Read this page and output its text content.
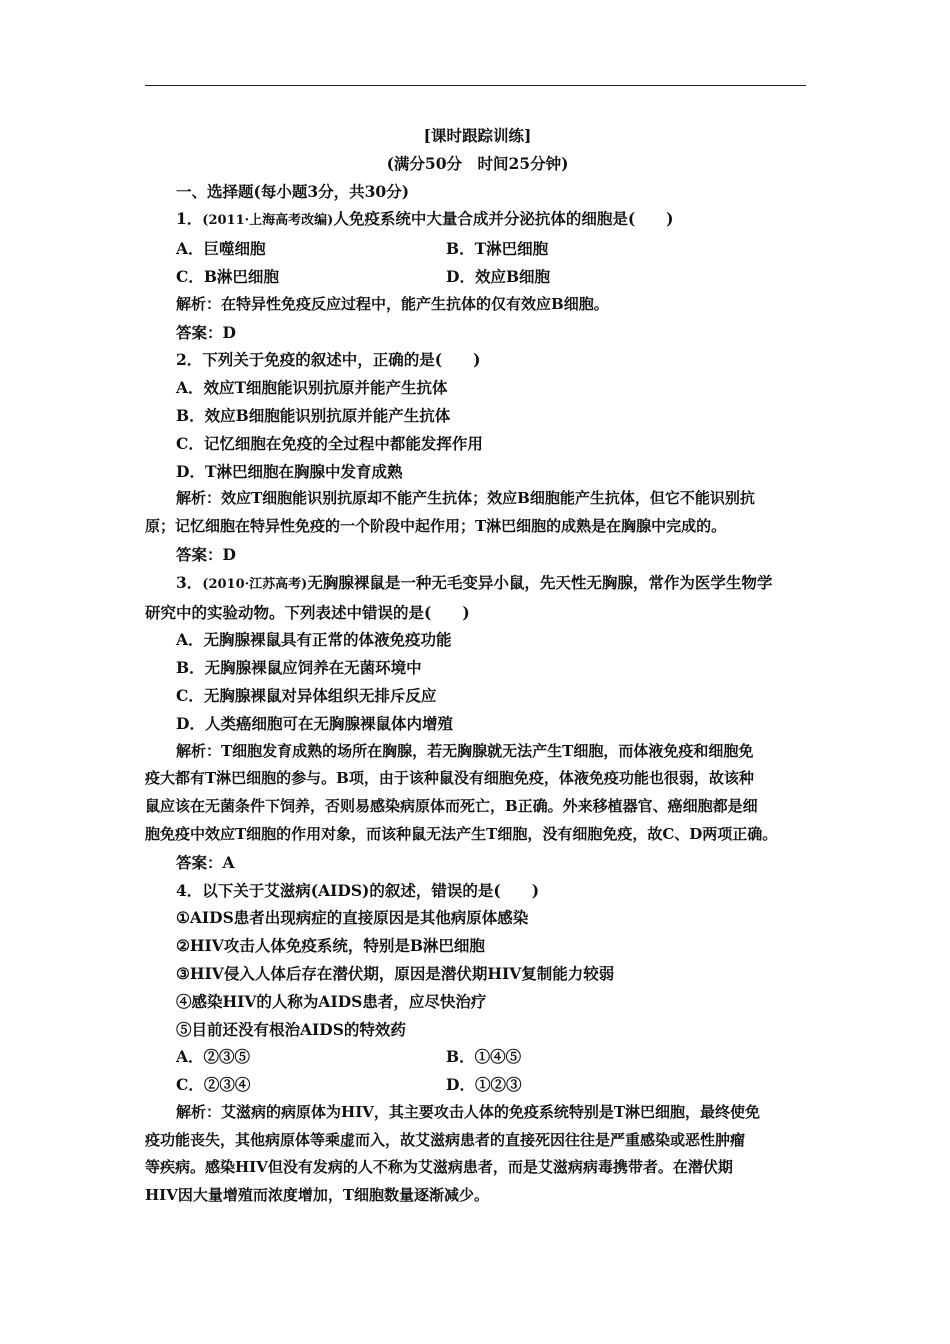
[课时跟踪训练]
(满分50分　时间25分钟)
一、选择题(每小题3分，共30分)
1．(2011·上海高考改编)人免疫系统中大量合成并分泌抗体的细胞是(　　)
A．巨噬细胞	B．T淋巴细胞
C．B淋巴细胞	D．效应B细胞
解析：在特异性免疫反应过程中，能产生抗体的仅有效应B细胞。
答案：D
2．下列关于免疫的叙述中，正确的是(　　)
A．效应T细胞能识别抗原并能产生抗体
B．效应B细胞能识别抗原并能产生抗体
C．记忆细胞在免疫的全过程中都能发挥作用
D．T淋巴细胞在胸腺中发育成熟
解析：效应T细胞能识别抗原却不能产生抗体；效应B细胞能产生抗体，但它不能识别抗
原；记忆细胞在特异性免疫的一个阶段中起作用；T淋巴细胞的成熟是在胸腺中完成的。
答案：D
3．(2010·江苏高考)无胸腺裸鼠是一种无毛变异小鼠，先天性无胸腺，常作为医学生物学
研究中的实验动物。下列表述中错误的是(　　)
A．无胸腺裸鼠具有正常的体液免疫功能
B．无胸腺裸鼠应饲养在无菌环境中
C．无胸腺裸鼠对异体组织无排斥反应
D．人类癌细胞可在无胸腺裸鼠体内增殖
解析：T细胞发育成熟的场所在胸腺，若无胸腺就无法产生T细胞，而体液免疫和细胞免
疫大都有T淋巴细胞的参与。B项，由于该种鼠没有细胞免疫，体液免疫功能也很弱，故该种
鼠应该在无菌条件下饲养，否则易感染病原体而死亡，B正确。外来移植器官、癌细胞都是细
胞免疫中效应T细胞的作用对象，而该种鼠无法产生T细胞，没有细胞免疫，故C、D两项正确。
答案：A
4．以下关于艾滋病(AIDS)的叙述，错误的是(　　)
①AIDS患者出现病症的直接原因是其他病原体感染
②HIV攻击人体免疫系统，特别是B淋巴细胞
③HIV侵入人体后存在潜伏期，原因是潜伏期HIV复制能力较弱
④感染HIV的人称为AIDS患者，应尽快治疗
⑤目前还没有根治AIDS的特效药
A．②③⑤	B．①④⑤
C．②③④	D．①②③
解析：艾滋病的病原体为HIV，其主要攻击人体的免疫系统特别是T淋巴细胞，最终使免
疫功能丧失，其他病原体等乘虚而入，故艾滋病患者的直接死因往往是严重感染或恶性肿瘤
等疾病。感染HIV但没有发病的人不称为艾滋病患者，而是艾滋病病毒携带者。在潜伏期
HIV因大量增殖而浓度增加，T细胞数量逐渐减少。
